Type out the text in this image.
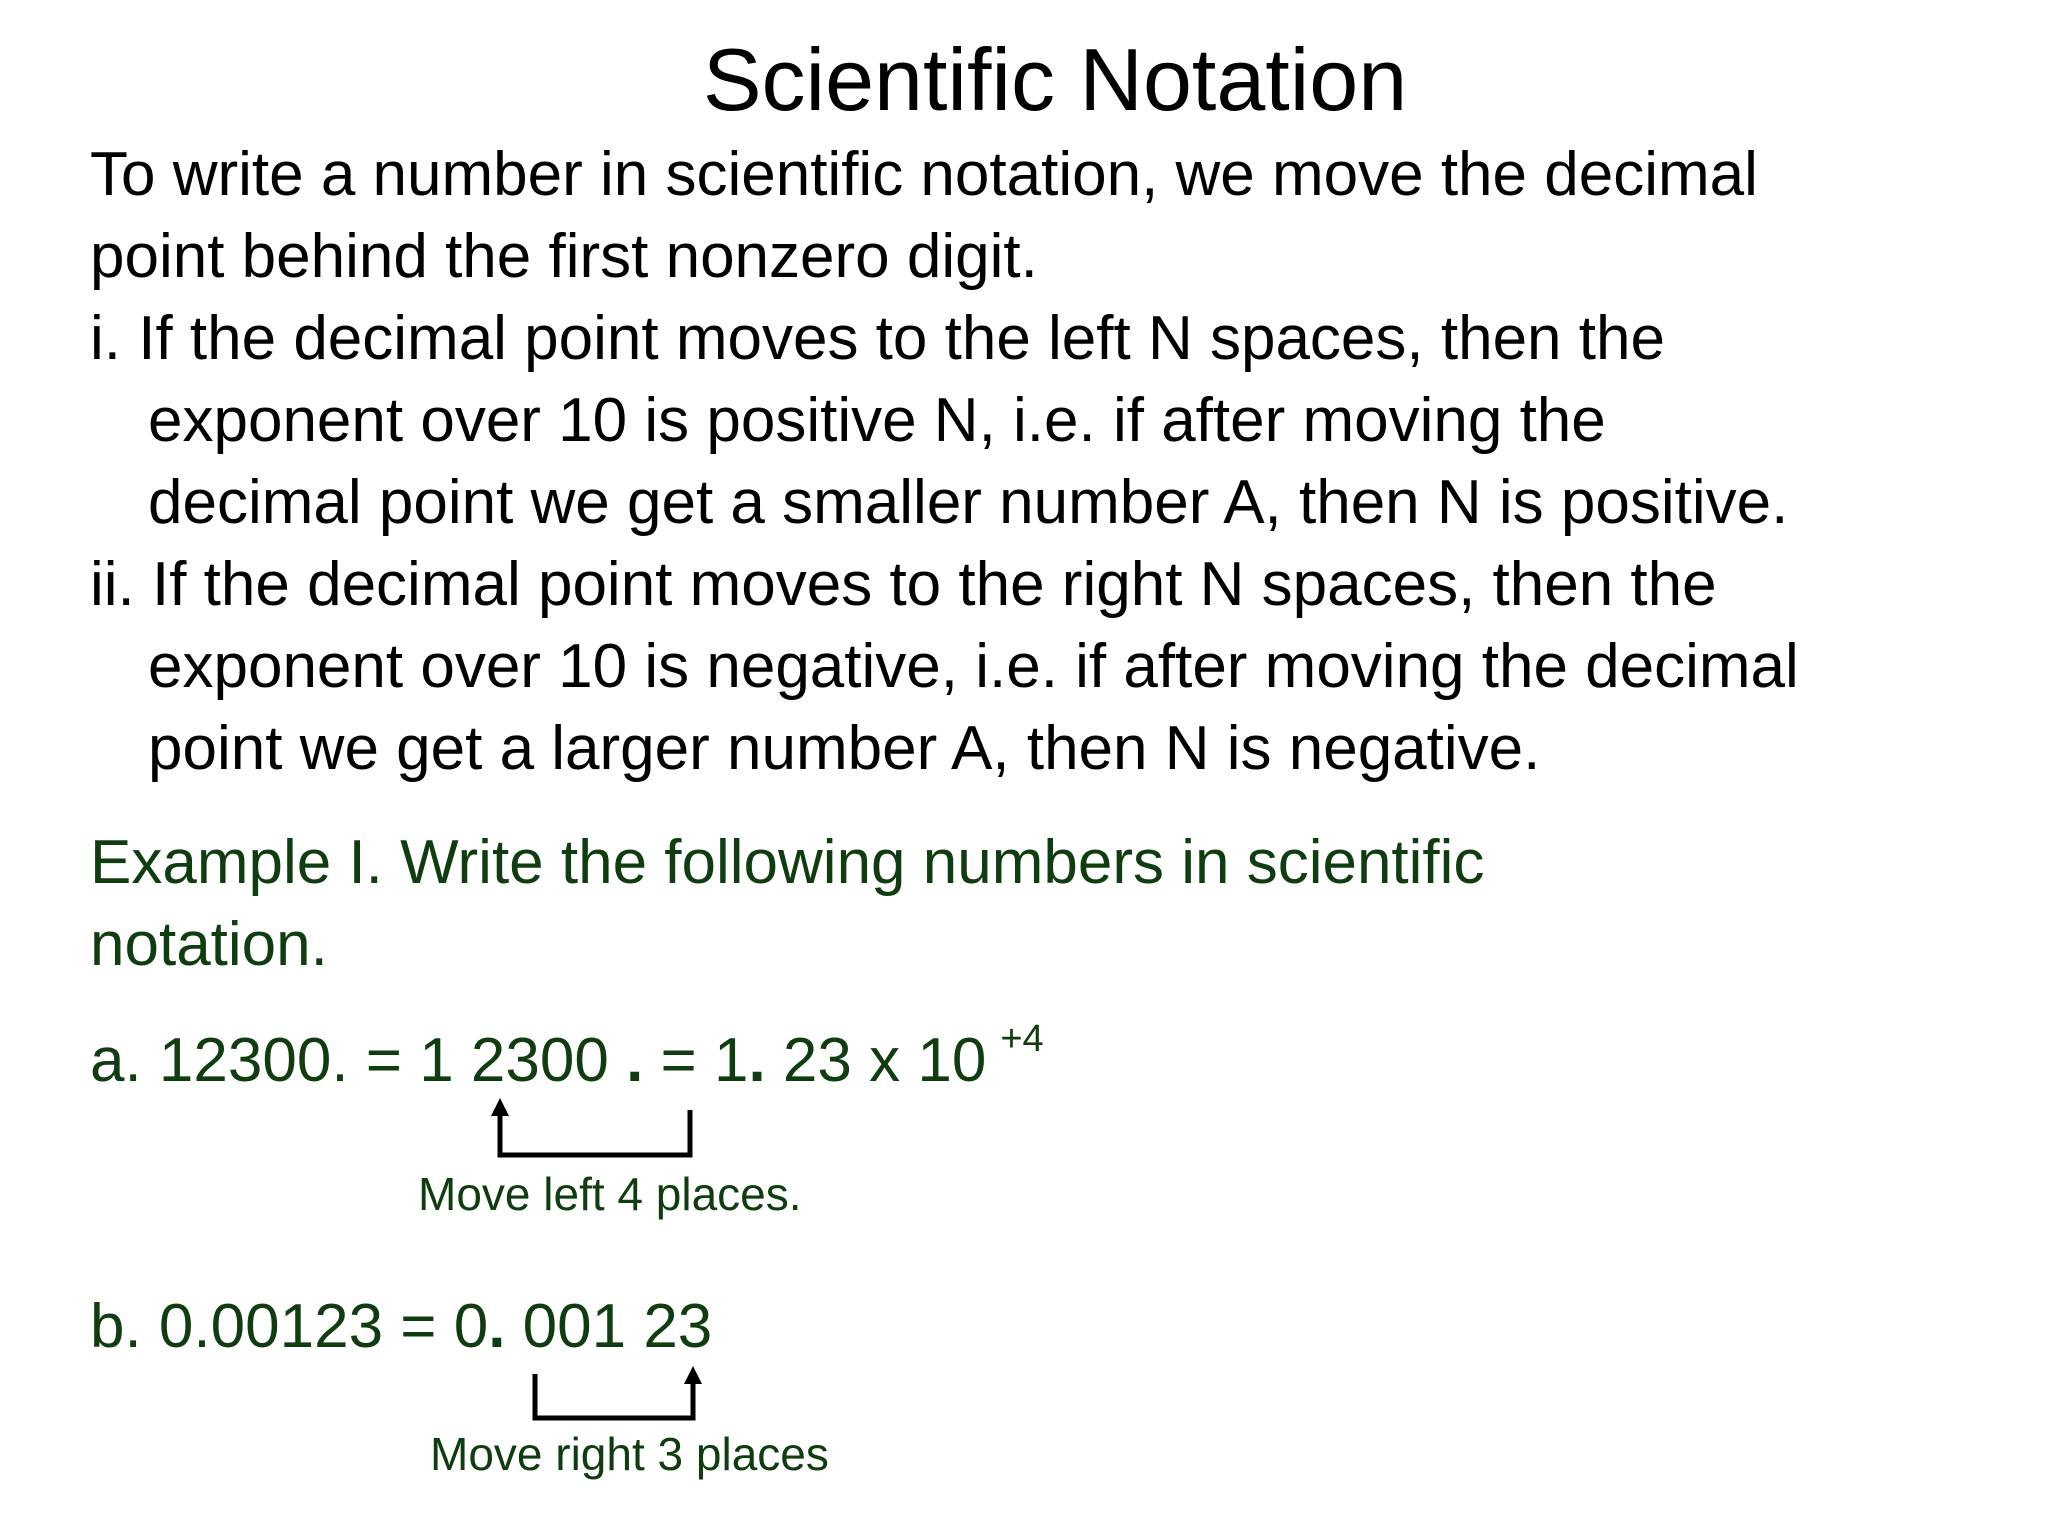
Scientific Notation
To write a number in scientific notation, we move the decimal
point behind the first nonzero digit.
i. If the decimal point moves to the left N spaces, then the
exponent over 10 is positive N, i.e. if after moving the
decimal point we get a smaller number A, then N is positive.
ii. If the decimal point moves to the right N spaces, then the
exponent over 10 is negative, i.e. if after moving the decimal
point we get a larger number A, then N is negative.
Example I. Write the following numbers in scientific
notation.
a. 12300. = 1 2300 . = 1. 23 x 10 $^{+4}$
Move left 4 places.
b. 0.00123 = 0. 001 23
Move right 3 places
